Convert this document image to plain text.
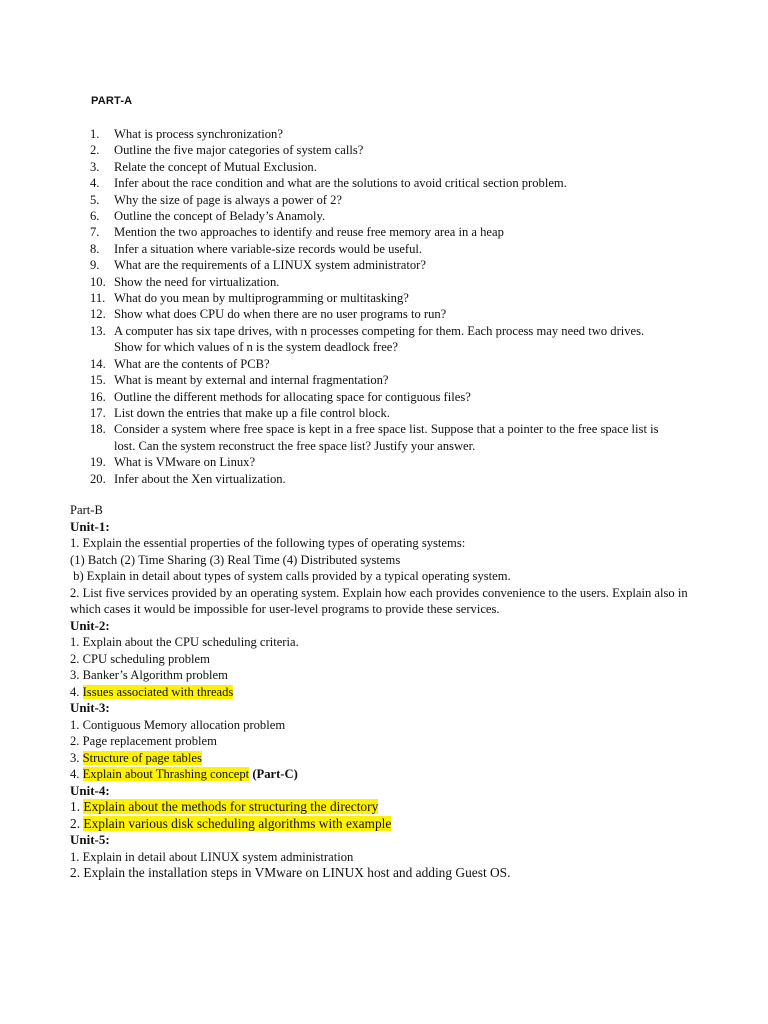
PART-A
1. What is process synchronization?
2. Outline the five major categories of system calls?
3. Relate the concept of Mutual Exclusion.
4. Infer about the race condition and what are the solutions to avoid critical section problem.
5. Why the size of page is always a power of 2?
6. Outline the concept of Belady’s Anamoly.
7. Mention the two approaches to identify and reuse free memory area in a heap
8. Infer a situation where variable-size records would be useful.
9. What are the requirements of a LINUX system administrator?
10. Show the need for virtualization.
11. What do you mean by multiprogramming or multitasking?
12. Show what does CPU do when there are no user programs to run?
13. A computer has six tape drives, with n processes competing for them. Each process may need two drives. Show for which values of n is the system deadlock free?
14. What are the contents of PCB?
15. What is meant by external and internal fragmentation?
16. Outline the different methods for allocating space for contiguous files?
17. List down the entries that make up a file control block.
18. Consider a system where free space is kept in a free space list. Suppose that a pointer to the free space list is lost. Can the system reconstruct the free space list? Justify your answer.
19. What is VMware on Linux?
20. Infer about the Xen virtualization.
Part-B
Unit-1:
1. Explain the essential properties of the following types of operating systems:
(1) Batch (2) Time Sharing (3) Real Time (4) Distributed systems
b) Explain in detail about types of system calls provided by a typical operating system.
2. List five services provided by an operating system. Explain how each provides convenience to the users. Explain also in which cases it would be impossible for user-level programs to provide these services.
Unit-2:
1. Explain about the CPU scheduling criteria.
2. CPU scheduling problem
3. Banker’s Algorithm problem
4. Issues associated with threads
Unit-3:
1. Contiguous Memory allocation problem
2. Page replacement problem
3. Structure of page tables
4. Explain about Thrashing concept (Part-C)
Unit-4:
1. Explain about the methods for structuring the directory
2. Explain various disk scheduling algorithms with example
Unit-5:
1. Explain in detail about LINUX system administration
2. Explain the installation steps in VMware on LINUX host and adding Guest OS.
